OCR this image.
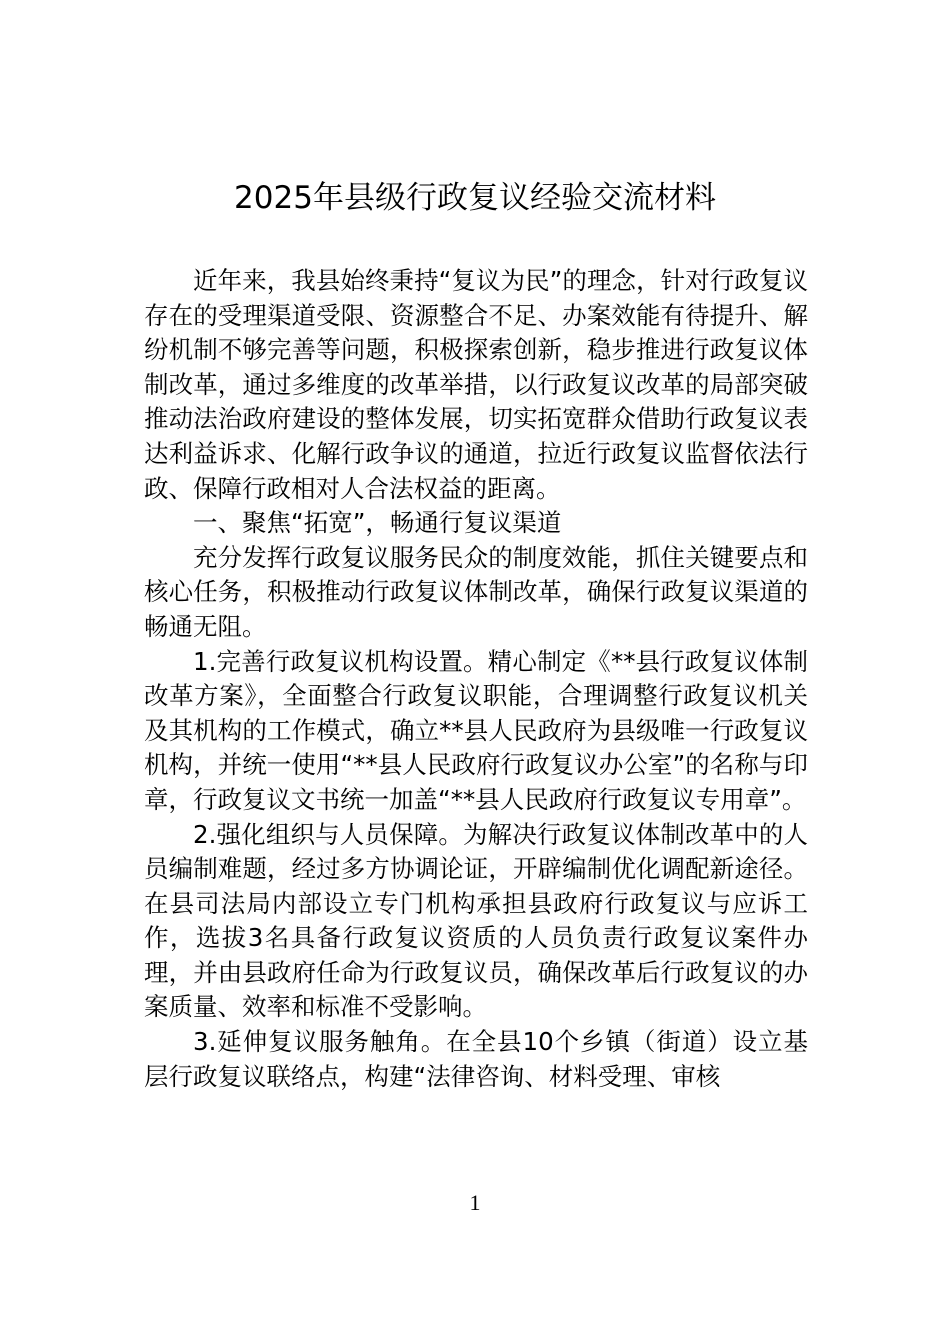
2025年县级行政复议经验交流材料

近年来，我县始终秉持“复议为民”的理念，针对行政复议存在的受理渠道受限、资源整合不足、办案效能有待提升、解纷机制不够完善等问题，积极探索创新，稳步推进行政复议体制改革，通过多维度的改革举措，以行政复议改革的局部突破推动法治政府建设的整体发展，切实拓宽群众借助行政复议表达利益诉求、化解行政争议的通道，拉近行政复议监督依法行政、保障行政相对人合法权益的距离。

一、聚焦“拓宽”，畅通行复议渠道

充分发挥行政复议服务民众的制度效能，抓住关键要点和核心任务，积极推动行政复议体制改革，确保行政复议渠道的畅通无阻。

1.完善行政复议机构设置。精心制定《**县行政复议体制改革方案》，全面整合行政复议职能，合理调整行政复议机关及其机构的工作模式，确立**县人民政府为县级唯一行政复议机构，并统一使用“**县人民政府行政复议办公室”的名称与印章，行政复议文书统一加盖“**县人民政府行政复议专用章”。

2.强化组织与人员保障。为解决行政复议体制改革中的人员编制难题，经过多方协调论证，开辟编制优化调配新途径。在县司法局内部设立专门机构承担县政府行政复议与应诉工作，选拔3名具备行政复议资质的人员负责行政复议案件办理，并由县政府任命为行政复议员，确保改革后行政复议的办案质量、效率和标准不受影响。

3.延伸复议服务触角。在全县10个乡镇（街道）设立基层行政复议联络点，构建“法律咨询、材料受理、审核

1
